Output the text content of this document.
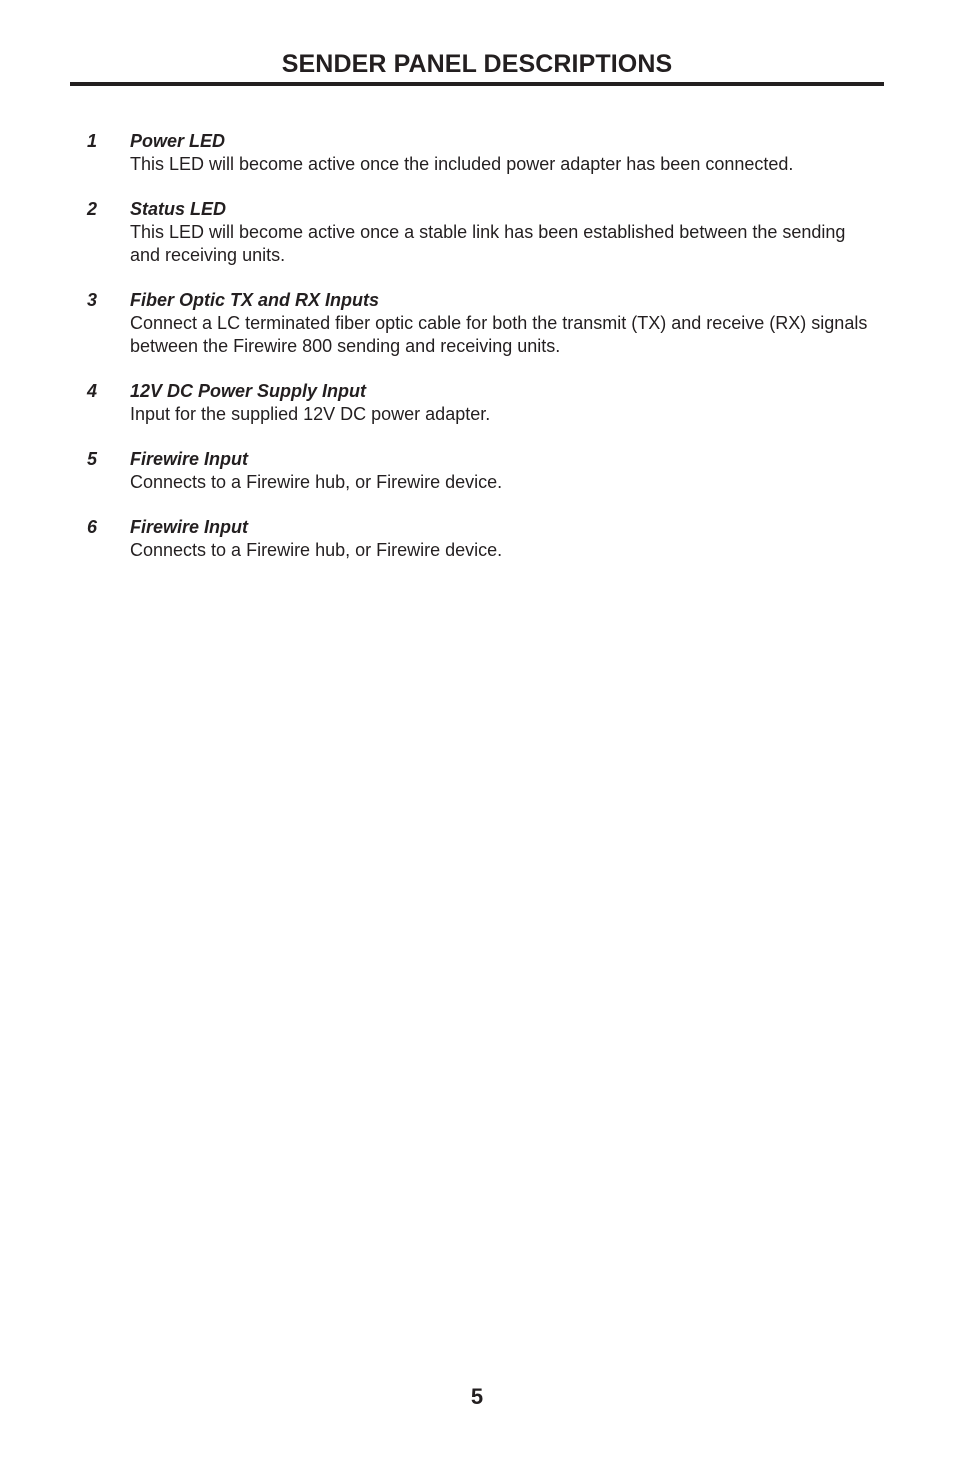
SENDER PANEL DESCRIPTIONS
1 Power LED
This LED will become active once the included power adapter has been connected.
2 Status LED
This LED will become active once a stable link has been established between the sending and receiving units.
3 Fiber Optic TX and RX Inputs
Connect a LC terminated fiber optic cable for both the transmit (TX) and receive (RX) signals between the Firewire 800 sending and receiving units.
4 12V DC Power Supply Input
Input for the supplied 12V DC power adapter.
5 Firewire Input
Connects to a Firewire hub, or Firewire device.
6 Firewire Input
Connects to a Firewire hub, or Firewire device.
5
